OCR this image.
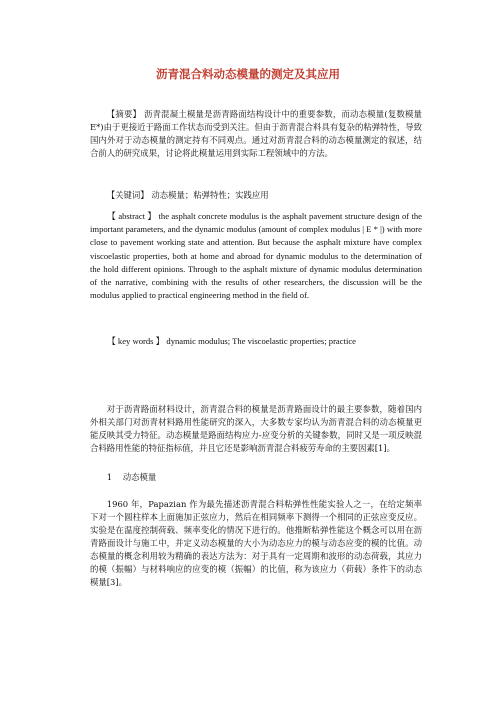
沥青混合料动态模量的测定及其应用

【摘要】 沥青混凝土模量是沥青路面结构设计中的重要参数，而动态模量(复数模量E*)由于更接近于路面工作状态而受到关注。但由于沥青混合料具有复杂的粘弹特性，导致国内外对于动态模量的测定持有不同观点。通过对沥青混合料的动态模量测定的叙述，结合前人的研究成果，讨论将此模量运用到实际工程领域中的方法。

【关键词】 动态模量；粘弹特性；实践应用

【 abstract 】 the asphalt concrete modulus is the asphalt pavement structure design of the important parameters, and the dynamic modulus (amount of complex modulus | E * |) with more close to pavement working state and attention. But because the asphalt mixture have complex viscoelastic properties, both at home and abroad for dynamic modulus to the determination of the hold different opinions. Through to the asphalt mixture of dynamic modulus determination of the narrative, combining with the results of other researchers, the discussion will be the modulus applied to practical engineering method in the field of.

【 key words 】 dynamic modulus; The viscoelastic properties; practice

对于沥青路面材料设计，沥青混合料的模量是沥青路面设计的最主要参数，随着国内外相关部门对沥青材料路用性能研究的深入，大多数专家均认为沥青混合料的动态模量更能反映其受力特征。动态模量是路面结构应力-应变分析的关键参数，同时又是一项反映混合料路用性能的特征指标值，并且它还是影响沥青混合料疲劳寿命的主要因素[1]。

1    动态模量

1960 年，Papazian 作为最先描述沥青混合料粘弹性性能实验人之一，在给定频率下对一个圆柱样本上面施加正弦应力，然后在相同频率下测得一个相同的正弦应变反应。实验是在温度控制荷载、频率变化的情况下进行的。他推断粘弹性能这个概念可以用在沥青路面设计与施工中，并定义动态模量的大小为动态应力的模与动态应变的模的比值。动态模量的概念利用较为精确的表达方法为：对于具有一定周期和波形的动态荷载，其应力的模（振幅）与材料响应的应变的模（振幅）的比值，称为该应力（荷载）条件下的动态模量[3]。
